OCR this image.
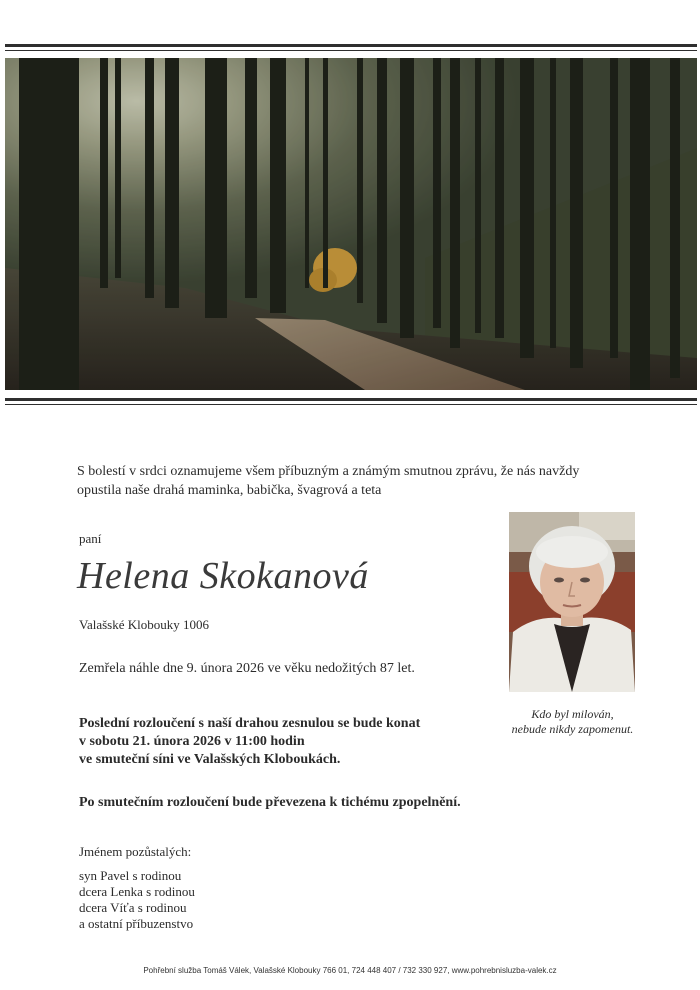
S bolestí v srdci oznamujeme všem příbuzným a známým smutnou zprávu, že nás navždy
opustila naše drahá maminka, babička, švagrová a teta
paní
Helena Skokanová
Valašské Klobouky 1006
Zemřela náhle dne 9. února 2026 ve věku nedožitých 87 let.
Poslední rozloučení s naší drahou zesnulou se bude konat
v sobotu 21. února 2026 v 11:00 hodin
ve smuteční síni ve Valašských Kloboukách.
Po smutečním rozloučení bude převezena k tichému zpopelnění.
Jménem pozůstalých:
syn Pavel s rodinou
dcera Lenka s rodinou
dcera Víťa s rodinou
a ostatní příbuzenstvo
Kdo byl milován,
nebude nikdy zapomenut.
Pohřební služba Tomáš Válek, Valašské Klobouky 766 01, 724 448 407 / 732 330 927, www.pohrebnisluzba-valek.cz
